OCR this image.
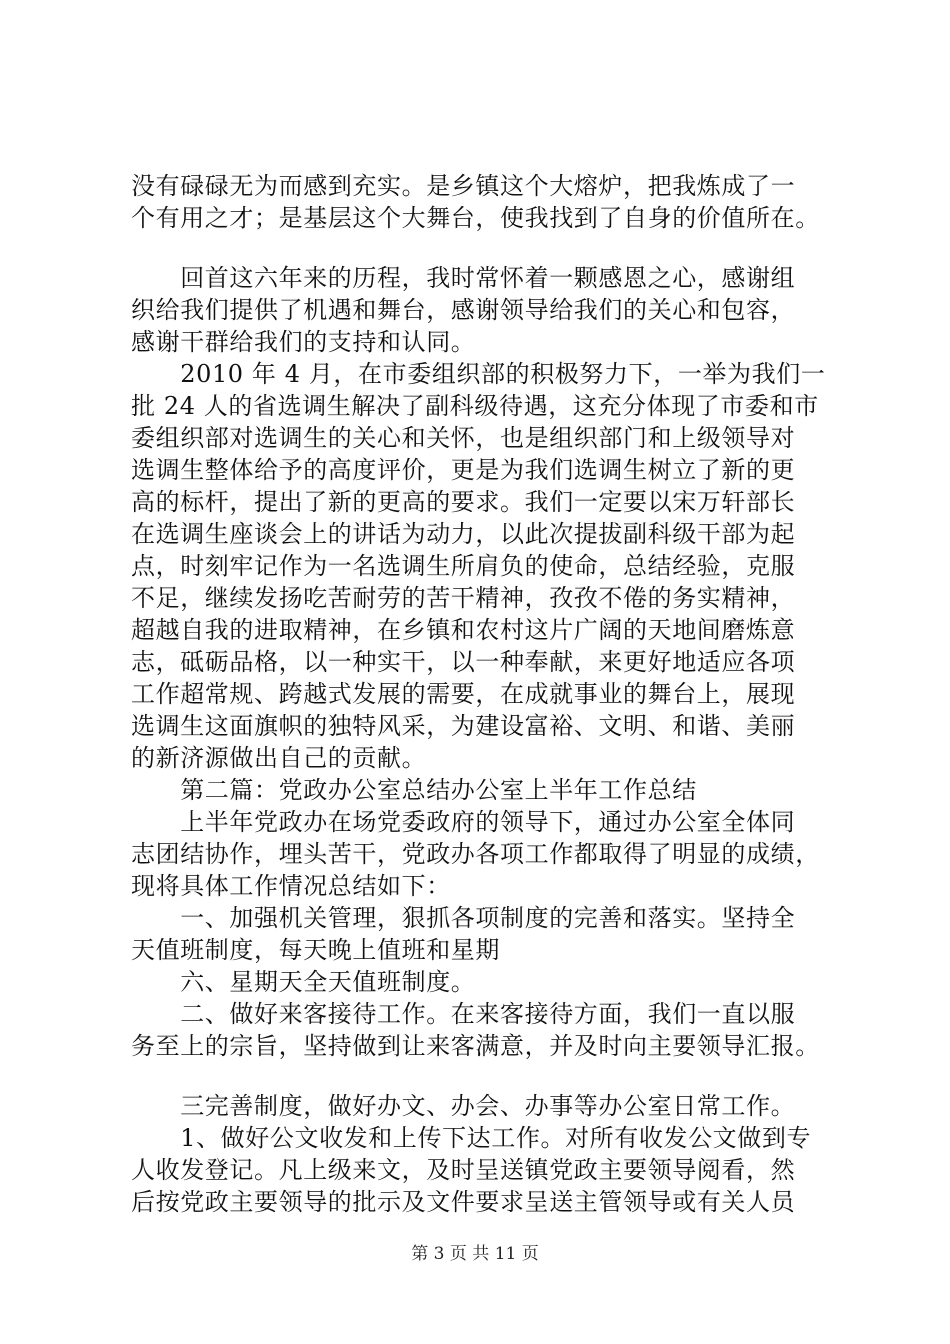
没有碌碌无为而感到充实。是乡镇这个大熔炉，把我炼成了一
个有用之才；是基层这个大舞台，使我找到了自身的价值所在。
　　回首这六年来的历程，我时常怀着一颗感恩之心，感谢组
织给我们提供了机遇和舞台，感谢领导给我们的关心和包容，
感谢干群给我们的支持和认同。
　　2010 年 4 月，在市委组织部的积极努力下，一举为我们一
批 24 人的省选调生解决了副科级待遇，这充分体现了市委和市
委组织部对选调生的关心和关怀，也是组织部门和上级领导对
选调生整体给予的高度评价，更是为我们选调生树立了新的更
高的标杆，提出了新的更高的要求。我们一定要以宋万轩部长
在选调生座谈会上的讲话为动力，以此次提拔副科级干部为起
点，时刻牢记作为一名选调生所肩负的使命，总结经验，克服
不足，继续发扬吃苦耐劳的苦干精神，孜孜不倦的务实精神，
超越自我的进取精神，在乡镇和农村这片广阔的天地间磨炼意
志，砥砺品格，以一种实干，以一种奉献，来更好地适应各项
工作超常规、跨越式发展的需要，在成就事业的舞台上，展现
选调生这面旗帜的独特风采，为建设富裕、文明、和谐、美丽
的新济源做出自己的贡献。
　　第二篇：党政办公室总结办公室上半年工作总结
　　上半年党政办在场党委政府的领导下，通过办公室全体同
志团结协作，埋头苦干，党政办各项工作都取得了明显的成绩，
现将具体工作情况总结如下：
　　一、加强机关管理，狠抓各项制度的完善和落实。坚持全
天值班制度，每天晚上值班和星期
　　六、星期天全天值班制度。
　　二、做好来客接待工作。在来客接待方面，我们一直以服
务至上的宗旨，坚持做到让来客满意，并及时向主要领导汇报。
　　三完善制度，做好办文、办会、办事等办公室日常工作。
　　1、做好公文收发和上传下达工作。对所有收发公文做到专
人收发登记。凡上级来文，及时呈送镇党政主要领导阅看，然
后按党政主要领导的批示及文件要求呈送主管领导或有关人员
第 3 页 共 11 页
